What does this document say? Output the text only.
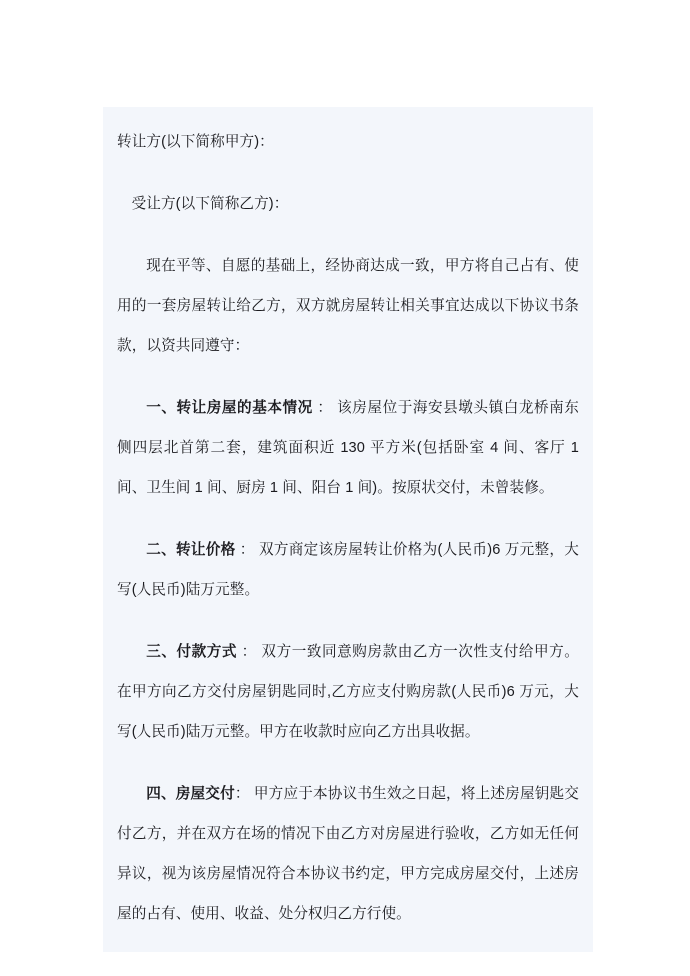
转让方(以下简称甲方)：

受让方(以下简称乙方)：

现在平等、自愿的基础上，经协商达成一致，甲方将自己占有、使用的一套房屋转让给乙方，双方就房屋转让相关事宜达成以下协议书条款，以资共同遵守：

一、转让房屋的基本情况 ： 该房屋位于海安县墩头镇白龙桥南东侧四层北首第二套，建筑面积近 130 平方米(包括卧室 4 间、客厅 1 间、卫生间 1 间、厨房 1 间、阳台 1 间)。按原状交付，未曾装修。

二、转让价格 ： 双方商定该房屋转让价格为(人民币)6 万元整，大写(人民币)陆万元整。

三、付款方式 ： 双方一致同意购房款由乙方一次性支付给甲方。在甲方向乙方交付房屋钥匙同时,乙方应支付购房款(人民币)6 万元，大写(人民币)陆万元整。甲方在收款时应向乙方出具收据。

四、房屋交付： 甲方应于本协议书生效之日起，将上述房屋钥匙交付乙方，并在双方在场的情况下由乙方对房屋进行验收，乙方如无任何异议，视为该房屋情况符合本协议书约定，甲方完成房屋交付，上述房屋的占有、使用、收益、处分权归乙方行使。
